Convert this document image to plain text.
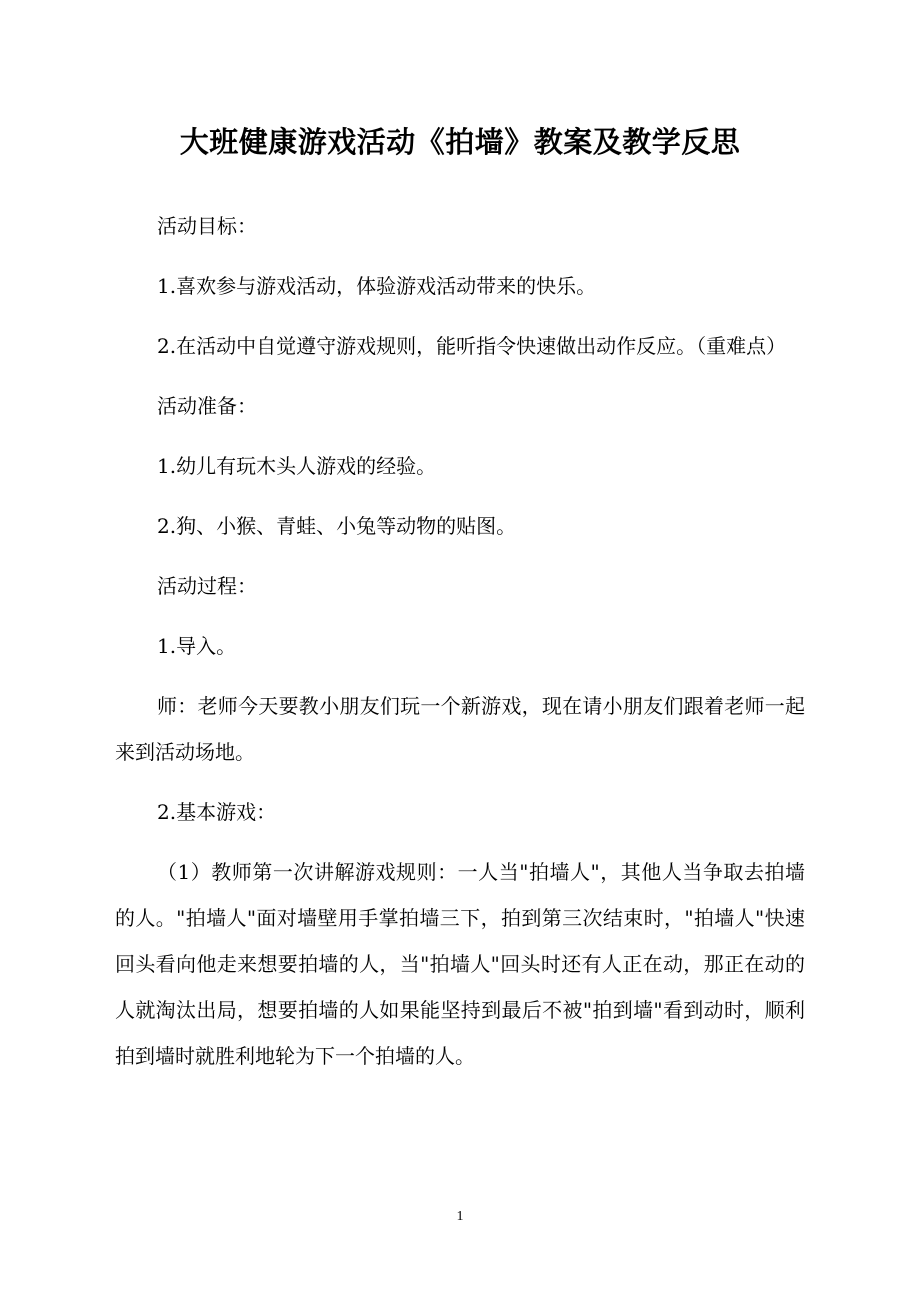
大班健康游戏活动《拍墙》教案及教学反思

活动目标：

1.喜欢参与游戏活动，体验游戏活动带来的快乐。

2.在活动中自觉遵守游戏规则，能听指令快速做出动作反应。（重难点）

活动准备：

1.幼儿有玩木头人游戏的经验。

2.狗、小猴、青蛙、小兔等动物的贴图。

活动过程：

1.导入。

师：老师今天要教小朋友们玩一个新游戏，现在请小朋友们跟着老师一起来到活动场地。

2.基本游戏：

（1）教师第一次讲解游戏规则：一人当"拍墙人"，其他人当争取去拍墙的人。"拍墙人"面对墙壁用手掌拍墙三下，拍到第三次结束时，"拍墙人"快速回头看向他走来想要拍墙的人，当"拍墙人"回头时还有人正在动，那正在动的人就淘汰出局，想要拍墙的人如果能坚持到最后不被"拍到墙"看到动时，顺利拍到墙时就胜利地轮为下一个拍墙的人。

1
